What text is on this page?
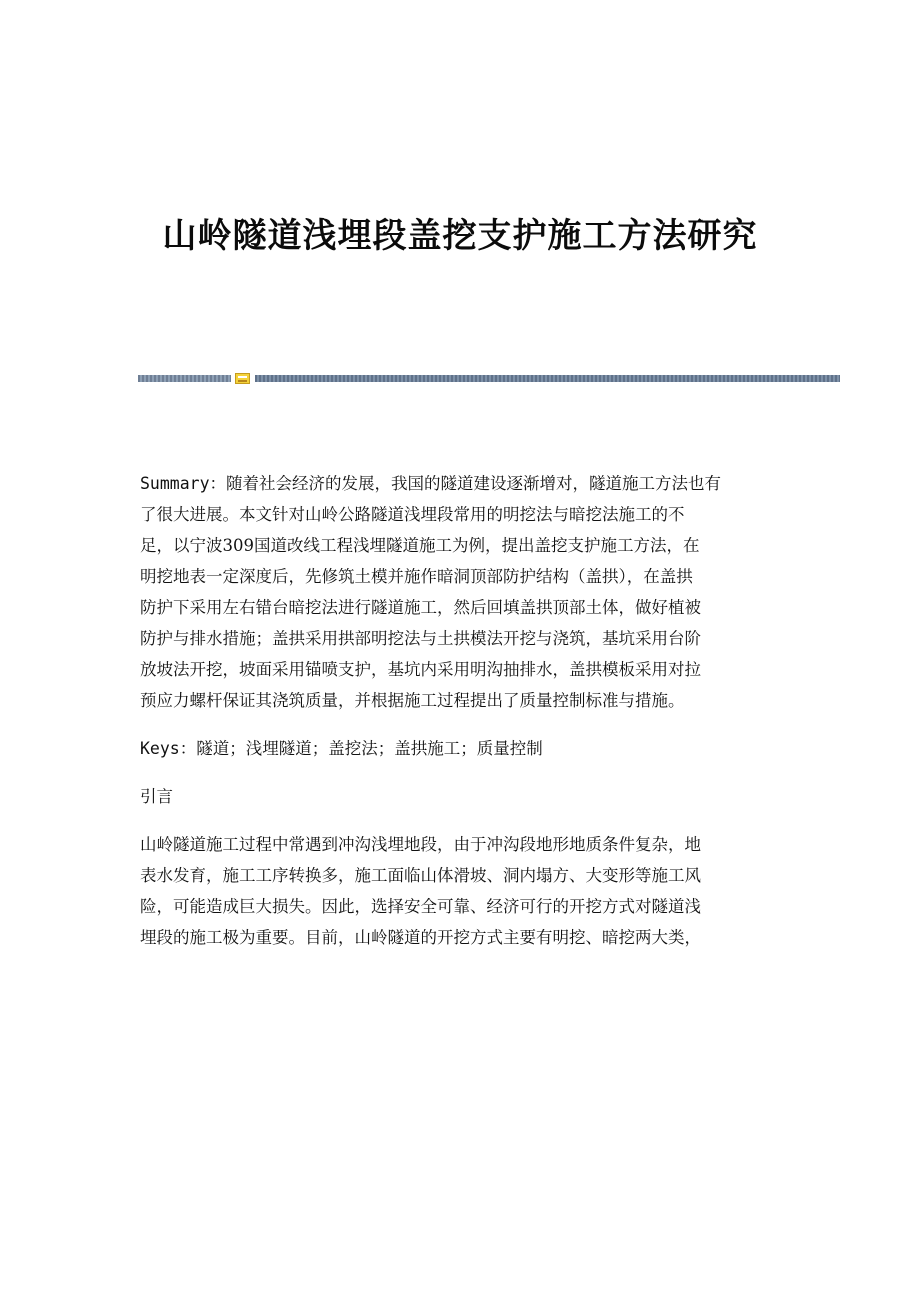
山岭隧道浅埋段盖挖支护施工方法研究

Summary：随着社会经济的发展，我国的隧道建设逐渐增对，隧道施工方法也有
了很大进展。本文针对山岭公路隧道浅埋段常用的明挖法与暗挖法施工的不
足，以宁波309国道改线工程浅埋隧道施工为例，提出盖挖支护施工方法，在
明挖地表一定深度后，先修筑土模并施作暗洞顶部防护结构（盖拱），在盖拱
防护下采用左右错台暗挖法进行隧道施工，然后回填盖拱顶部土体，做好植被
防护与排水措施；盖拱采用拱部明挖法与土拱模法开挖与浇筑，基坑采用台阶
放坡法开挖，坡面采用锚喷支护，基坑内采用明沟抽排水，盖拱模板采用对拉
预应力螺杆保证其浇筑质量，并根据施工过程提出了质量控制标准与措施。

Keys：隧道；浅埋隧道；盖挖法；盖拱施工；质量控制

引言

山岭隧道施工过程中常遇到冲沟浅埋地段，由于冲沟段地形地质条件复杂，地
表水发育，施工工序转换多，施工面临山体滑坡、洞内塌方、大变形等施工风
险，可能造成巨大损失。因此，选择安全可靠、经济可行的开挖方式对隧道浅
埋段的施工极为重要。目前，山岭隧道的开挖方式主要有明挖、暗挖两大类，
